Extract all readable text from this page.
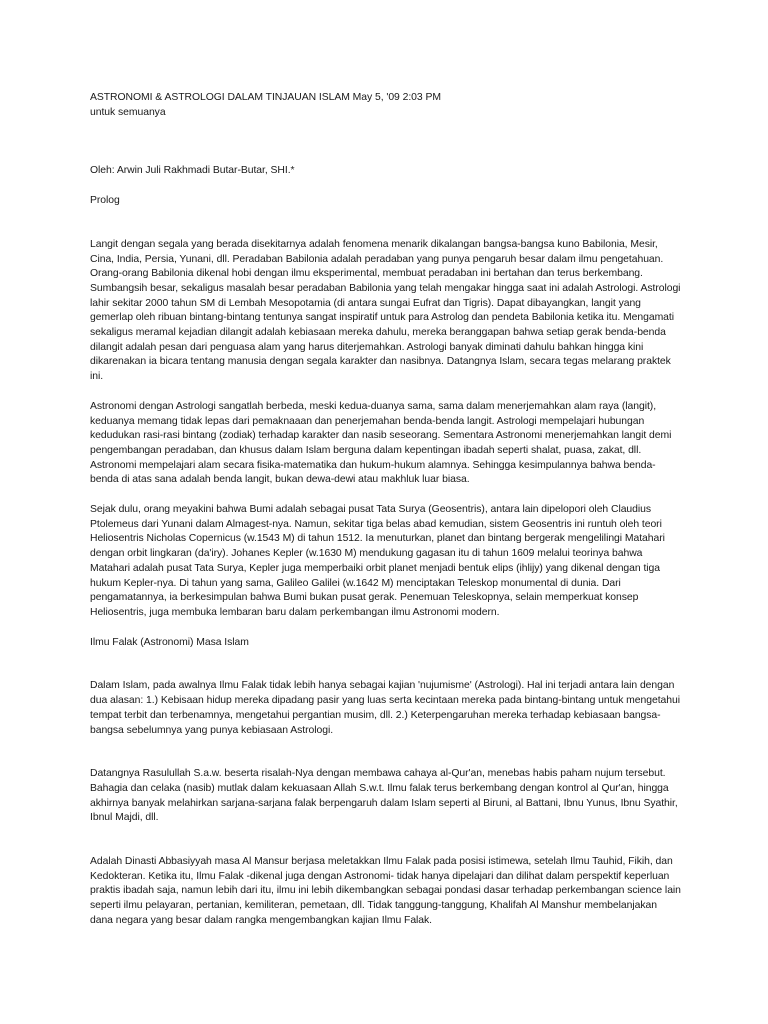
ASTRONOMI & ASTROLOGI DALAM TINJAUAN ISLAM May 5, '09 2:03 PM

untuk semuanya

Oleh: Arwin Juli Rakhmadi Butar-Butar, SHI.*

Prolog

Langit dengan segala yang berada disekitarnya adalah fenomena menarik dikalangan bangsa-bangsa kuno Babilonia, Mesir, Cina, India, Persia, Yunani, dll. Peradaban Babilonia adalah peradaban yang punya pengaruh besar dalam ilmu pengetahuan. Orang-orang Babilonia dikenal hobi dengan ilmu eksperimental, membuat peradaban ini bertahan dan terus berkembang. Sumbangsih besar, sekaligus masalah besar peradaban Babilonia yang telah mengakar hingga saat ini adalah Astrologi. Astrologi lahir sekitar 2000 tahun SM di Lembah Mesopotamia (di antara sungai Eufrat dan Tigris). Dapat dibayangkan, langit yang gemerlap oleh ribuan bintang-bintang tentunya sangat inspiratif untuk para Astrolog dan pendeta Babilonia ketika itu. Mengamati sekaligus meramal kejadian dilangit adalah kebiasaan mereka dahulu, mereka beranggapan bahwa setiap gerak benda-benda dilangit adalah pesan dari penguasa alam yang harus diterjemahkan. Astrologi banyak diminati dahulu bahkan hingga kini dikarenakan ia bicara tentang manusia dengan segala karakter dan nasibnya. Datangnya Islam, secara tegas melarang praktek ini.

Astronomi dengan Astrologi sangatlah berbeda, meski kedua-duanya sama, sama dalam menerjemahkan alam raya (langit), keduanya memang tidak lepas dari pemaknaaan dan penerjemahan benda-benda langit. Astrologi mempelajari hubungan kedudukan rasi-rasi bintang (zodiak) terhadap karakter dan nasib seseorang. Sementara Astronomi menerjemahkan langit demi pengembangan peradaban, dan khusus dalam Islam berguna dalam kepentingan ibadah seperti shalat, puasa, zakat, dll. Astronomi mempelajari alam secara fisika-matematika dan hukum-hukum alamnya. Sehingga kesimpulannya bahwa benda-benda di atas sana adalah benda langit, bukan dewa-dewi atau makhluk luar biasa.

Sejak dulu, orang meyakini bahwa Bumi adalah sebagai pusat Tata Surya (Geosentris), antara lain dipelopori oleh Claudius Ptolemeus dari Yunani dalam Almagest-nya. Namun, sekitar tiga belas abad kemudian, sistem Geosentris ini runtuh oleh teori Heliosentris Nicholas Copernicus (w.1543 M) di tahun 1512. Ia menuturkan, planet dan bintang bergerak mengelilingi Matahari dengan orbit lingkaran (da'iry). Johanes Kepler (w.1630 M) mendukung gagasan itu di tahun 1609 melalui teorinya bahwa Matahari adalah pusat Tata Surya, Kepler juga memperbaiki orbit planet menjadi bentuk elips (ihlijy) yang dikenal dengan tiga hukum Kepler-nya. Di tahun yang sama, Galileo Galilei (w.1642 M) menciptakan Teleskop monumental di dunia. Dari pengamatannya, ia berkesimpulan bahwa Bumi bukan pusat gerak. Penemuan Teleskopnya, selain memperkuat konsep Heliosentris, juga membuka lembaran baru dalam perkembangan ilmu Astronomi modern.

Ilmu Falak (Astronomi) Masa Islam

Dalam Islam, pada awalnya Ilmu Falak tidak lebih hanya sebagai kajian 'nujumisme' (Astrologi). Hal ini terjadi antara lain dengan dua alasan: 1.) Kebisaan hidup mereka dipadang pasir yang luas serta kecintaan mereka pada bintang-bintang untuk mengetahui tempat terbit dan terbenamnya, mengetahui pergantian musim, dll. 2.) Keterpengaruhan mereka terhadap kebiasaan bangsa-bangsa sebelumnya yang punya kebiasaan Astrologi.

Datangnya Rasulullah S.a.w. beserta risalah-Nya dengan membawa cahaya al-Qur'an, menebas habis paham nujum tersebut. Bahagia dan celaka (nasib) mutlak dalam kekuasaan Allah S.w.t. Ilmu falak terus berkembang dengan kontrol al Qur'an, hingga akhirnya banyak melahirkan sarjana-sarjana falak berpengaruh dalam Islam seperti al Biruni, al Battani, Ibnu Yunus, Ibnu Syathir, Ibnul Majdi, dll.

Adalah Dinasti Abbasiyyah masa Al Mansur berjasa meletakkan Ilmu Falak pada posisi istimewa, setelah Ilmu Tauhid, Fikih, dan Kedokteran. Ketika itu, Ilmu Falak -dikenal juga dengan Astronomi- tidak hanya dipelajari dan dilihat dalam perspektif keperluan praktis ibadah saja, namun lebih dari itu, ilmu ini lebih dikembangkan sebagai pondasi dasar terhadap perkembangan science lain seperti ilmu pelayaran, pertanian, kemiliteran, pemetaan, dll. Tidak tanggung-tanggung, Khalifah Al Manshur membelanjakan dana negara yang besar dalam rangka mengembangkan kajian Ilmu Falak.
